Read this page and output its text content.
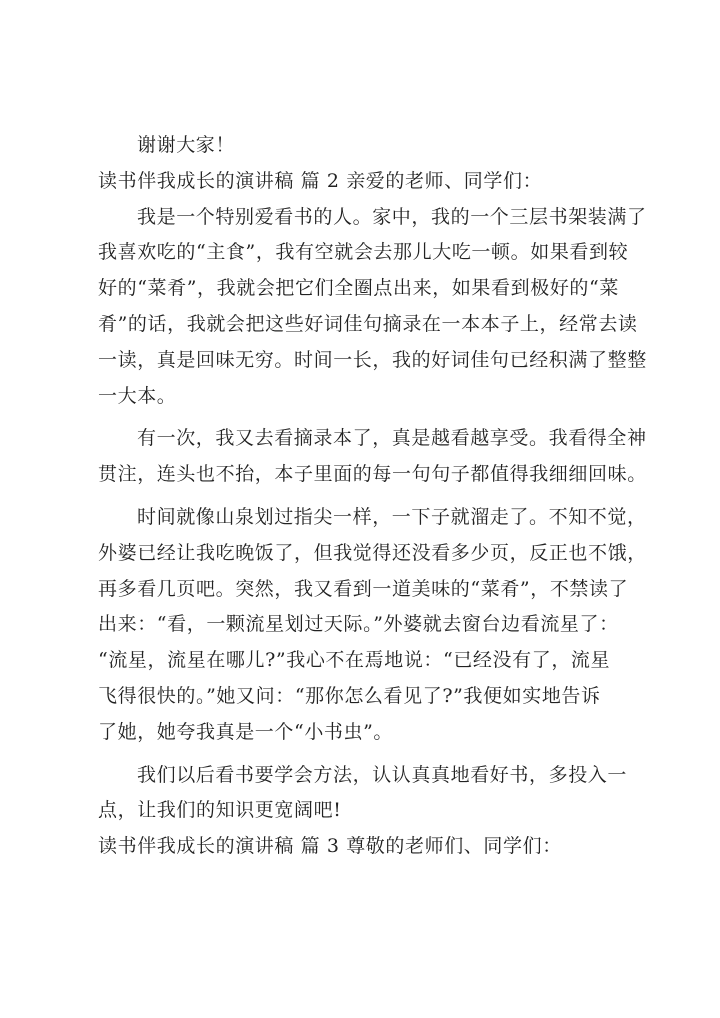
谢谢大家！
读书伴我成长的演讲稿 篇 2 亲爱的老师、同学们：
我是一个特别爱看书的人。家中，我的一个三层书架装满了
我喜欢吃的“主食”，我有空就会去那儿大吃一顿。如果看到较
好的“菜肴”，我就会把它们全圈点出来，如果看到极好的“菜
肴”的话，我就会把这些好词佳句摘录在一本本子上，经常去读
一读，真是回味无穷。时间一长，我的好词佳句已经积满了整整
一大本。
有一次，我又去看摘录本了，真是越看越享受。我看得全神
贯注，连头也不抬，本子里面的每一句句子都值得我细细回味。
时间就像山泉划过指尖一样，一下子就溜走了。不知不觉，
外婆已经让我吃晚饭了，但我觉得还没看多少页，反正也不饿，
再多看几页吧。突然，我又看到一道美味的“菜肴”，不禁读了
出来：“看，一颗流星划过天际。”外婆就去窗台边看流星了：
“流星，流星在哪儿?”我心不在焉地说：“已经没有了，流星
飞得很快的。”她又问：“那你怎么看见了?”我便如实地告诉
了她，她夸我真是一个“小书虫”。
我们以后看书要学会方法，认认真真地看好书，多投入一
点，让我们的知识更宽阔吧!
读书伴我成长的演讲稿 篇 3 尊敬的老师们、同学们：
